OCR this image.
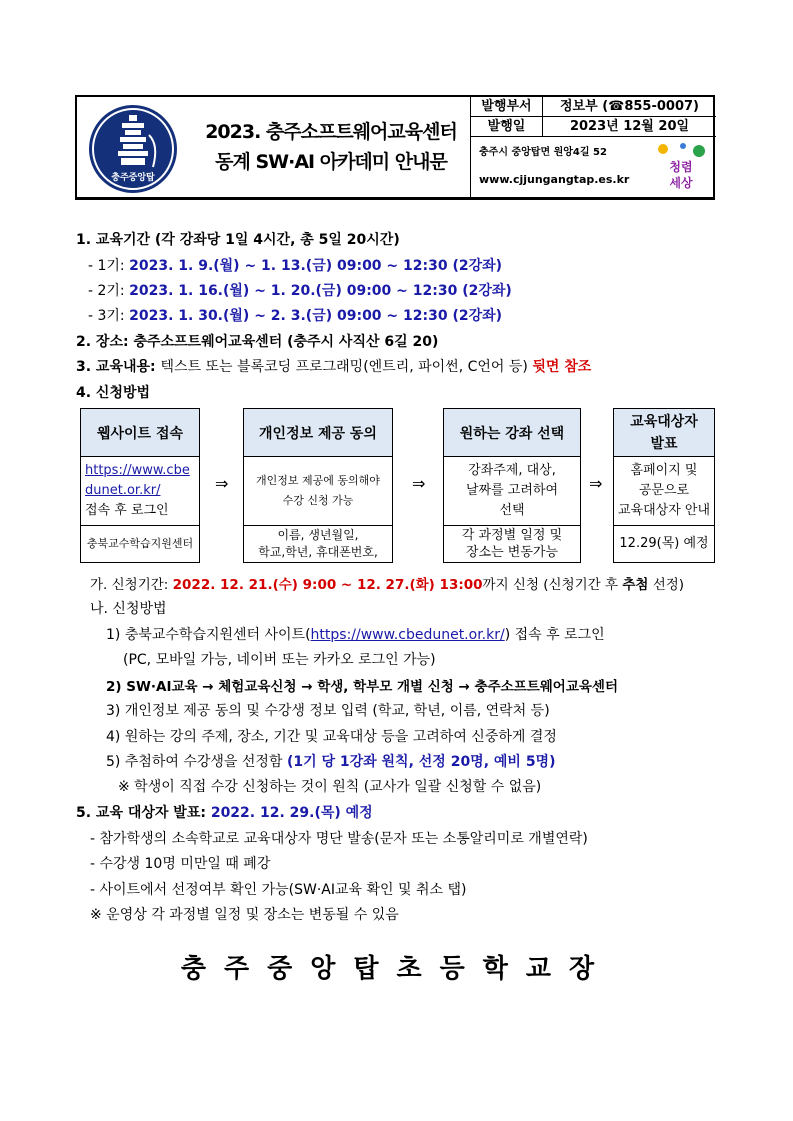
충주중앙탑
2023. 충주소프트웨어교육센터
동계 SW·AI 아카데미 안내문
발행부서	정보부 (☎855-0007)
발행일	2023년 12월 20일
충주시 중앙탑면 원앙4길 52
www.cjjungangtap.es.kr
청렴
세상
1. 교육기간 (각 강좌당 1일 4시간, 총 5일 20시간)
- 1기: 2023. 1. 9.(월) ~ 1. 13.(금) 09:00 ~ 12:30 (2강좌)
- 2기: 2023. 1. 16.(월) ~ 1. 20.(금) 09:00 ~ 12:30 (2강좌)
- 3기: 2023. 1. 30.(월) ~ 2. 3.(금) 09:00 ~ 12:30 (2강좌)
2. 장소: 충주소프트웨어교육센터 (충주시 사직산 6길 20)
3. 교육내용: 텍스트 또는 블록코딩 프로그래밍(엔트리, 파이썬, C언어 등) 뒷면 참조
4. 신청방법
웹사이트 접속
https://www.cbe
dunet.or.kr/
접속 후 로그인
충북교수학습지원센터
⇒
개인정보 제공 동의
개인정보 제공에 동의해야
수강 신청 가능
이름, 생년월일,
학교,학년, 휴대폰번호,
⇒
원하는 강좌 선택
강좌주제, 대상,
날짜를 고려하여
선택
각 과정별 일정 및
장소는 변동가능
⇒
교육대상자 발표
홈페이지 및
공문으로
교육대상자 안내
12.29(목) 예정
가. 신청기간: 2022. 12. 21.(수) 9:00 ~ 12. 27.(화) 13:00까지 신청 (신청기간 후 추첨 선정)
나. 신청방법
1) 충북교수학습지원센터 사이트(https://www.cbedunet.or.kr/) 접속 후 로그인
(PC, 모바일 가능, 네이버 또는 카카오 로그인 가능)
2) SW·AI교육 → 체험교육신청 → 학생, 학부모 개별 신청 → 충주소프트웨어교육센터
3) 개인정보 제공 동의 및 수강생 정보 입력 (학교, 학년, 이름, 연락처 등)
4) 원하는 강의 주제, 장소, 기간 및 교육대상 등을 고려하여 신중하게 결정
5) 추첨하여 수강생을 선정함 (1기 당 1강좌 원칙, 선정 20명, 예비 5명)
※ 학생이 직접 수강 신청하는 것이 원칙 (교사가 일괄 신청할 수 없음)
5. 교육 대상자 발표: 2022. 12. 29.(목) 예정
- 참가학생의 소속학교로 교육대상자 명단 발송(문자 또는 소통알리미로 개별연락)
- 수강생 10명 미만일 때 폐강
- 사이트에서 선정여부 확인 가능(SW·AI교육 확인 및 취소 탭)
※ 운영상 각 과정별 일정 및 장소는 변동될 수 있음
충주중앙탑초등학교장
